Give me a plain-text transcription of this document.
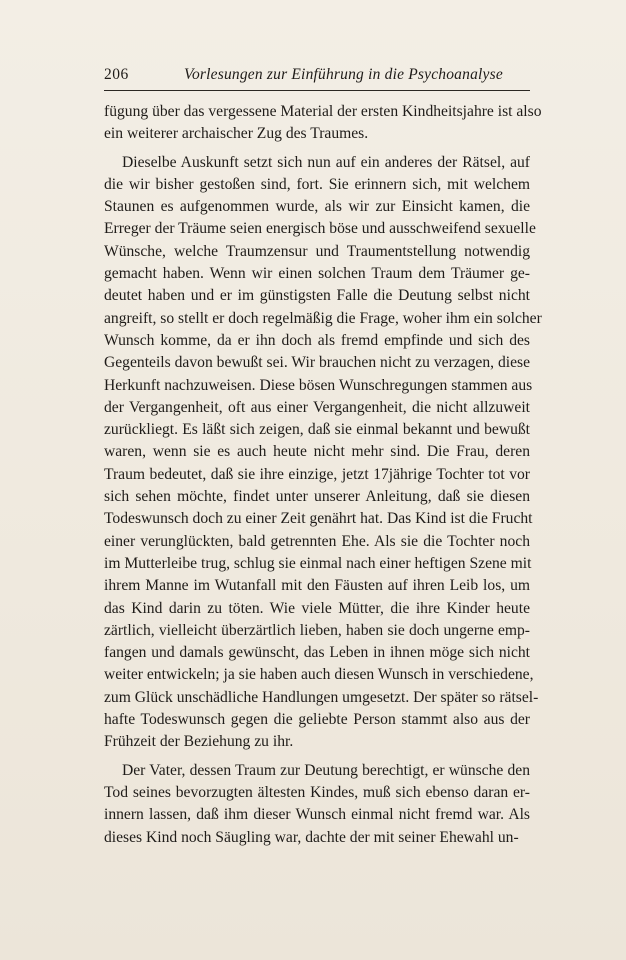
206	Vorlesungen zur Einführung in die Psychoanalyse
fügung über das vergessene Material der ersten Kindheitsjahre ist also
ein weiterer archaischer Zug des Traumes.
Dieselbe Auskunft setzt sich nun auf ein anderes der Rätsel, auf
die wir bisher gestoßen sind, fort. Sie erinnern sich, mit welchem
Staunen es aufgenommen wurde, als wir zur Einsicht kamen, die
Erreger der Träume seien energisch böse und ausschweifend sexuelle
Wünsche, welche Traumzensur und Traumentstellung notwendig
gemacht haben. Wenn wir einen solchen Traum dem Träumer ge-
deutet haben und er im günstigsten Falle die Deutung selbst nicht
angreift, so stellt er doch regelmäßig die Frage, woher ihm ein solcher
Wunsch komme, da er ihn doch als fremd empfinde und sich des
Gegenteils davon bewußt sei. Wir brauchen nicht zu verzagen, diese
Herkunft nachzuweisen. Diese bösen Wunschregungen stammen aus
der Vergangenheit, oft aus einer Vergangenheit, die nicht allzuweit
zurückliegt. Es läßt sich zeigen, daß sie einmal bekannt und bewußt
waren, wenn sie es auch heute nicht mehr sind. Die Frau, deren
Traum bedeutet, daß sie ihre einzige, jetzt 17jährige Tochter tot vor
sich sehen möchte, findet unter unserer Anleitung, daß sie diesen
Todeswunsch doch zu einer Zeit genährt hat. Das Kind ist die Frucht
einer verunglückten, bald getrennten Ehe. Als sie die Tochter noch
im Mutterleibe trug, schlug sie einmal nach einer heftigen Szene mit
ihrem Manne im Wutanfall mit den Fäusten auf ihren Leib los, um
das Kind darin zu töten. Wie viele Mütter, die ihre Kinder heute
zärtlich, vielleicht überzärtlich lieben, haben sie doch ungerne emp-
fangen und damals gewünscht, das Leben in ihnen möge sich nicht
weiter entwickeln; ja sie haben auch diesen Wunsch in verschiedene,
zum Glück unschädliche Handlungen umgesetzt. Der später so rätsel-
hafte Todeswunsch gegen die geliebte Person stammt also aus der
Frühzeit der Beziehung zu ihr.
Der Vater, dessen Traum zur Deutung berechtigt, er wünsche den
Tod seines bevorzugten ältesten Kindes, muß sich ebenso daran er-
innern lassen, daß ihm dieser Wunsch einmal nicht fremd war. Als
dieses Kind noch Säugling war, dachte der mit seiner Ehewahl un-
